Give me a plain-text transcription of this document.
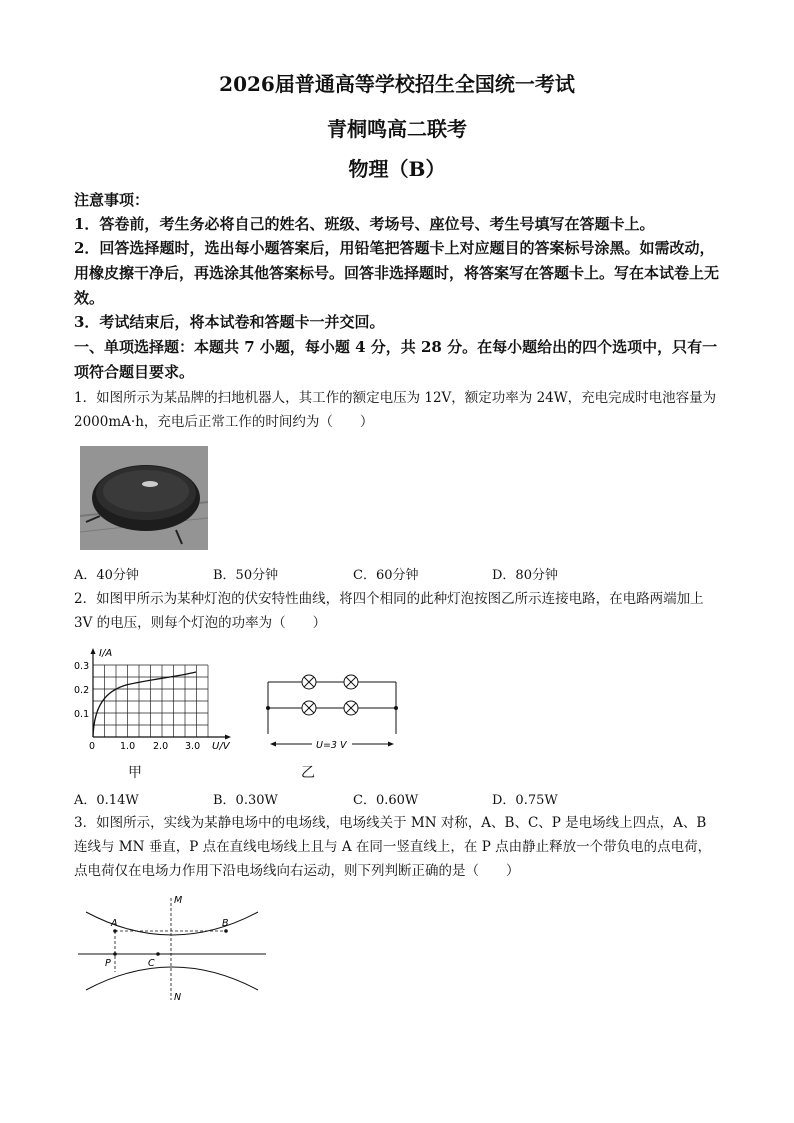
2026届普通高等学校招生全国统一考试
青桐鸣高二联考
物理（B）
注意事项：
1．答卷前，考生务必将自己的姓名、班级、考场号、座位号、考生号填写在答题卡上。
2．回答选择题时，选出每小题答案后，用铅笔把答题卡上对应题目的答案标号涂黑。如需改动，用橡皮擦干净后，再选涂其他答案标号。回答非选择题时，将答案写在答题卡上。写在本试卷上无效。
3．考试结束后，将本试卷和答题卡一并交回。
一、单项选择题：本题共 7 小题，每小题 4 分，共 28 分。在每小题给出的四个选项中，只有一项符合题目要求。
1．如图所示为某品牌的扫地机器人，其工作的额定电压为 12V，额定功率为 24W，充电完成时电池容量为 2000mA·h，充电后正常工作的时间约为（　　）
A．40分钟	B．50分钟	C．60分钟	D．80分钟
2．如图甲所示为某种灯泡的伏安特性曲线，将四个相同的此种灯泡按图乙所示连接电路，在电路两端加上 3V 的电压，则每个灯泡的功率为（　　）
I/A
0.3
0.2
0.1
0	1.0 2.0 3.0 U/V
甲
U=3 V
乙
A．0.14W	B．0.30W	C．0.60W	D．0.75W
3．如图所示，实线为某静电场中的电场线，电场线关于 MN 对称，A、B、C、P 是电场线上四点，A、B 连线与 MN 垂直，P 点在直线电场线上且与 A 在同一竖直线上，在 P 点由静止释放一个带负电的点电荷，点电荷仅在电场力作用下沿电场线向右运动，则下列判断正确的是（　　）
M
N
A	B
P	C
